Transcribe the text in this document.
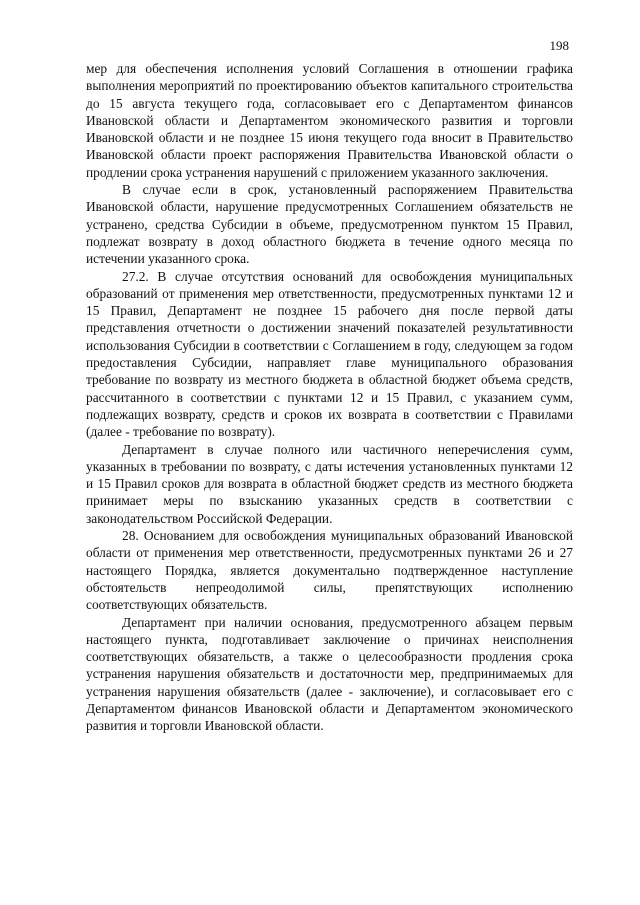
198

мер для обеспечения исполнения условий Соглашения в отношении графика выполнения мероприятий по проектированию объектов капитального строительства до 15 августа текущего года, согласовывает его с Департаментом финансов Ивановской области и Департаментом экономического развития и торговли Ивановской области и не позднее 15 июня текущего года вносит в Правительство Ивановской области проект распоряжения Правительства Ивановской области о продлении срока устранения нарушений с приложением указанного заключения.

В случае если в срок, установленный распоряжением Правительства Ивановской области, нарушение предусмотренных Соглашением обязательств не устранено, средства Субсидии в объеме, предусмотренном пунктом 15 Правил, подлежат возврату в доход областного бюджета в течение одного месяца по истечении указанного срока.

27.2. В случае отсутствия оснований для освобождения муниципальных образований от применения мер ответственности, предусмотренных пунктами 12 и 15 Правил, Департамент не позднее 15 рабочего дня после первой даты представления отчетности о достижении значений показателей результативности использования Субсидии в соответствии с Соглашением в году, следующем за годом предоставления Субсидии, направляет главе муниципального образования требование по возврату из местного бюджета в областной бюджет объема средств, рассчитанного в соответствии с пунктами 12 и 15 Правил, с указанием сумм, подлежащих возврату, средств и сроков их возврата в соответствии с Правилами (далее - требование по возврату).

Департамент в случае полного или частичного неперечисления сумм, указанных в требовании по возврату, с даты истечения установленных пунктами 12 и 15 Правил сроков для возврата в областной бюджет средств из местного бюджета принимает меры по взысканию указанных средств в соответствии с законодательством Российской Федерации.

28. Основанием для освобождения муниципальных образований Ивановской области от применения мер ответственности, предусмотренных пунктами 26 и 27 настоящего Порядка, является документально подтвержденное наступление обстоятельств непреодолимой силы, препятствующих исполнению соответствующих обязательств.

Департамент при наличии основания, предусмотренного абзацем первым настоящего пункта, подготавливает заключение о причинах неисполнения соответствующих обязательств, а также о целесообразности продления срока устранения нарушения обязательств и достаточности мер, предпринимаемых для устранения нарушения обязательств (далее - заключение), и согласовывает его с Департаментом финансов Ивановской области и Департаментом экономического развития и торговли Ивановской области.
